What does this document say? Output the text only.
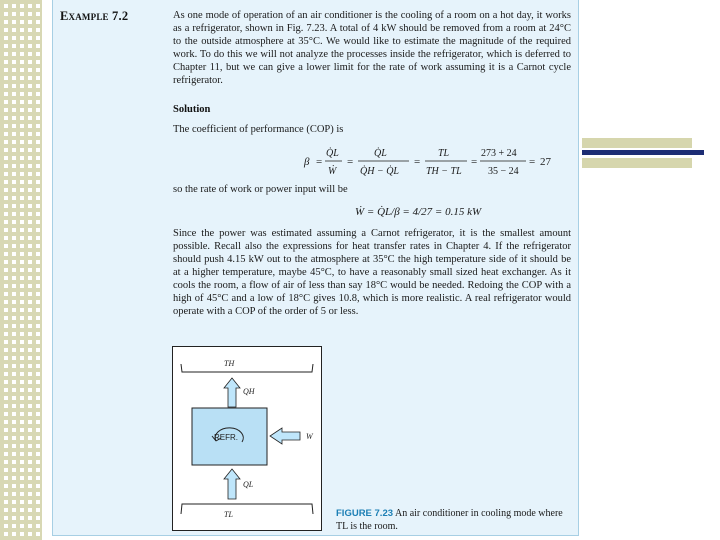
Example 7.2	As one mode of operation of an air conditioner is the cooling of a room on a hot day, it works as a refrigerator, shown in Fig. 7.23. A total of 4 kW should be removed from a room at 24°C to the outside atmosphere at 35°C. We would like to estimate the magnitude of the required work. To do this we will not analyze the processes inside the refrigerator, which is deferred to Chapter 11, but we can give a lower limit for the rate of work assuming it is a Carnot cycle refrigerator.
Solution
The coefficient of performance (COP) is
β =
Q̇L
Ẇ
=
Q̇L
Q̇H − Q̇L
=
TL
TH − TL
=
273 + 24
35 − 24
= 27
so the rate of work or power input will be
Ẇ = Q̇L/β = 4/27 = 0.15 kW
Since the power was estimated assuming a Carnot refrigerator, it is the smallest amount possible. Recall also the expressions for heat transfer rates in Chapter 4. If the refrigerator should push 4.15 kW out to the atmosphere at 35°C the high temperature side of it should be at a higher temperature, maybe 45°C, to have a reasonably small sized heat exchanger. As it cools the room, a flow of air of less than say 18°C would be needed. Redoing the COP with a high of 45°C and a low of 18°C gives 10.8, which is more realistic. A real refrigerator would operate with a COP of the order of 5 or less.
TH
QH
REFR.	W
QL
TL	FIGURE 7.23 An air conditioner in cooling mode where TL is the room.
